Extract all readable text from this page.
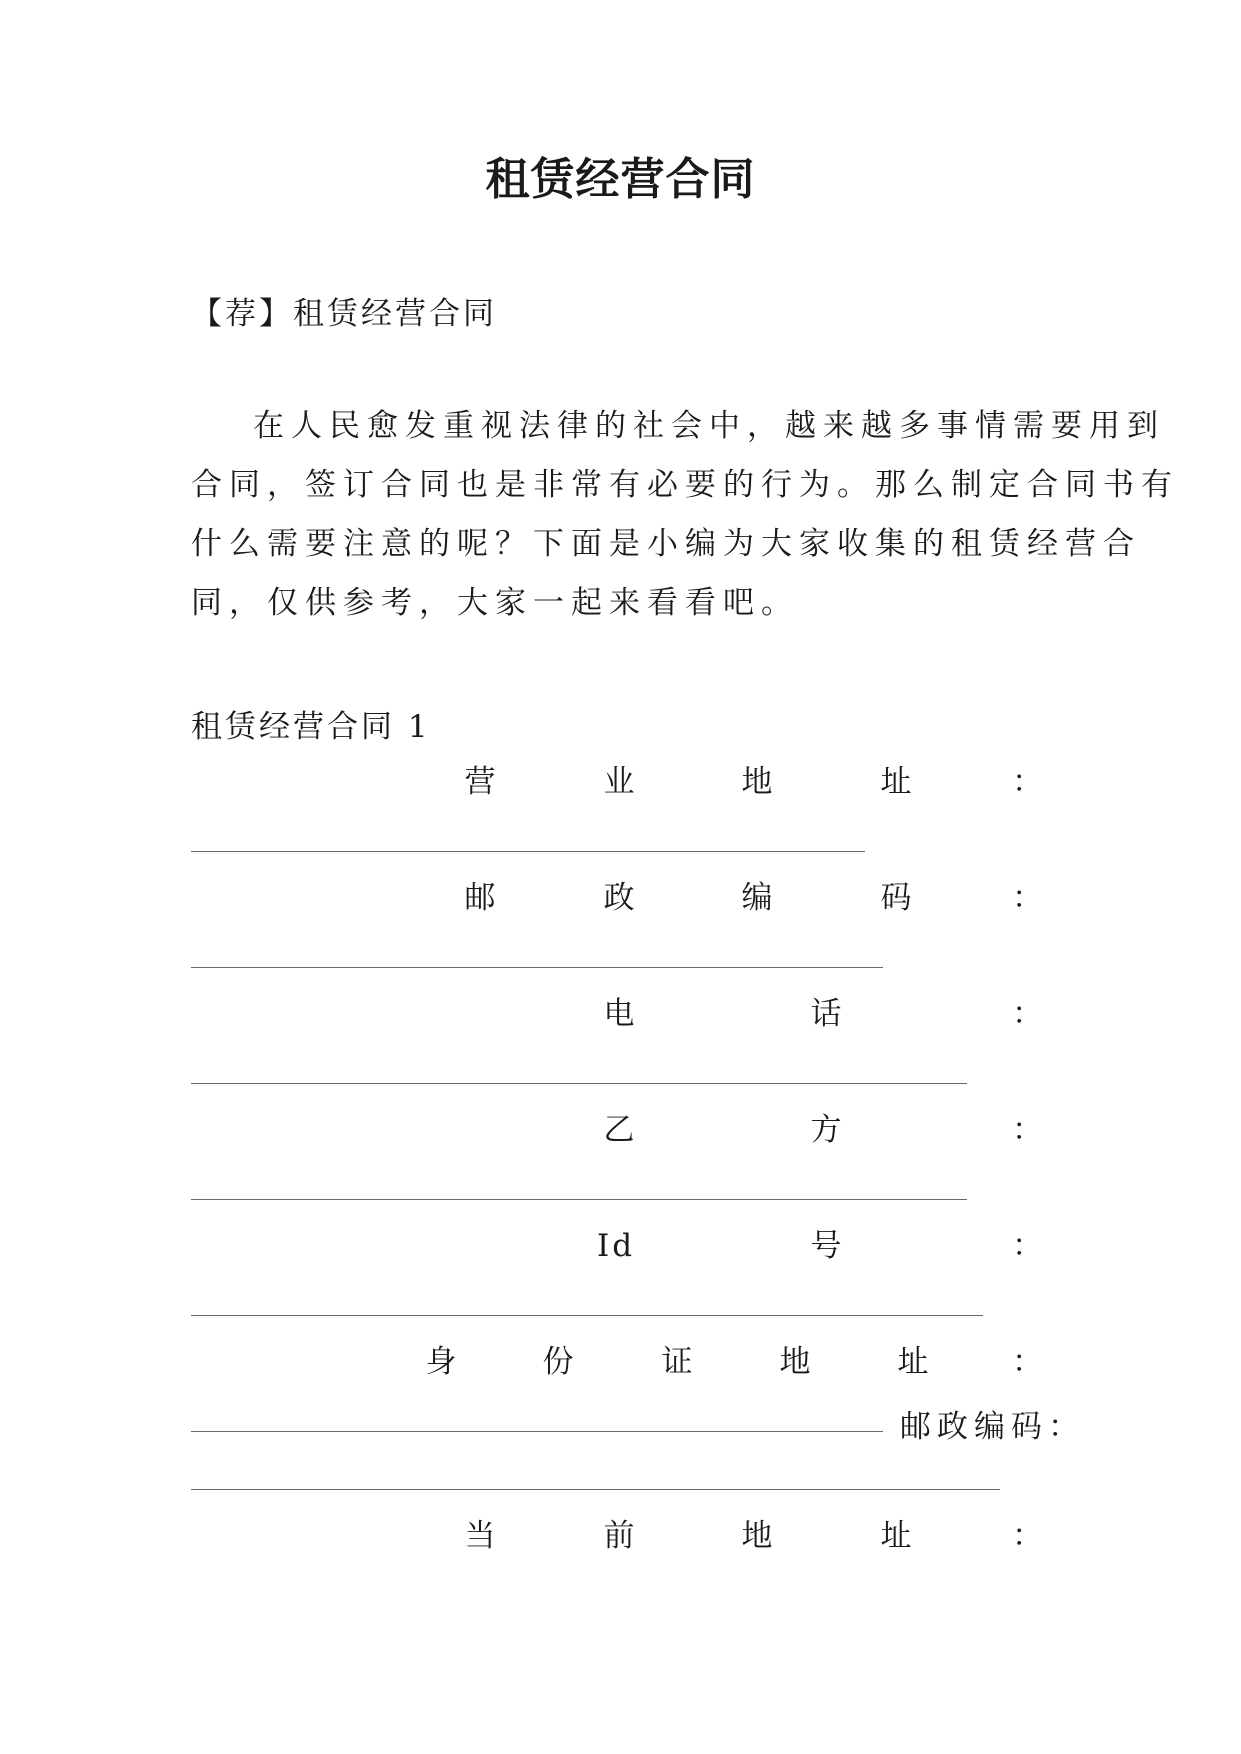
租赁经营合同
【荐】租赁经营合同
在人民愈发重视法律的社会中，越来越多事情需要用到
合同，签订合同也是非常有必要的行为。那么制定合同书有
什么需要注意的呢？下面是小编为大家收集的租赁经营合
同，仅供参考，大家一起来看看吧。
租赁经营合同 1
营	业	地	址	：
邮	政	编	码	：
电	话	：
乙	方	：
Id	号	：
身	份	证	地	址	：
邮政编码：
当	前	地	址	：
